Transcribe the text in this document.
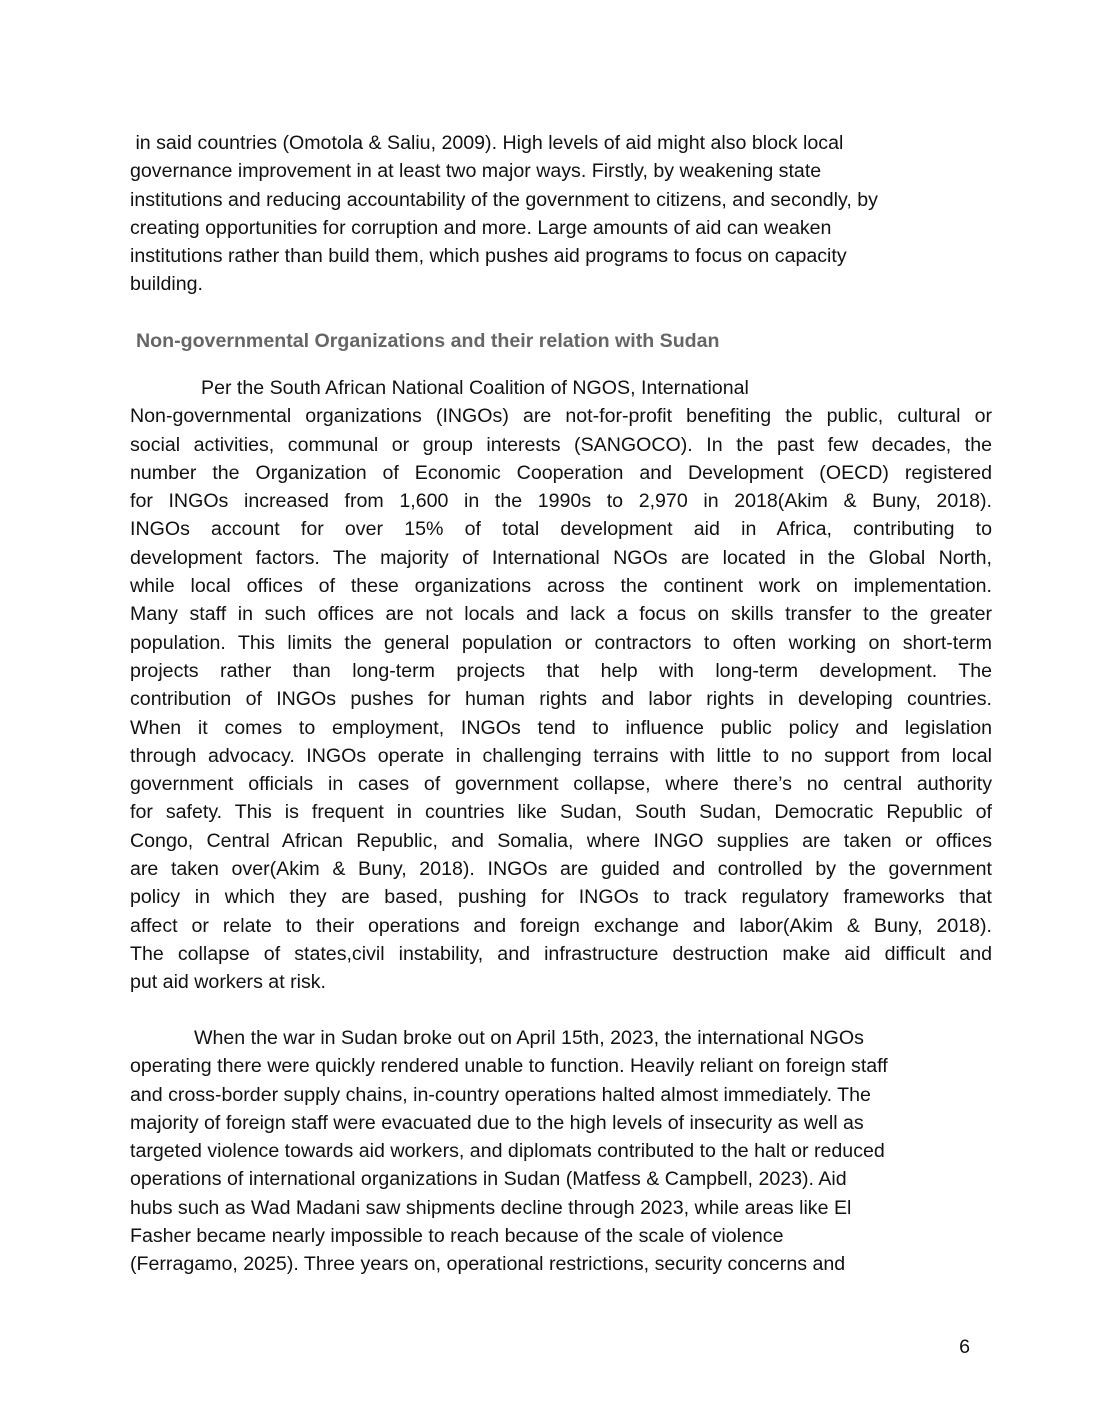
in said countries (Omotola & Saliu, 2009). High levels of aid might also block local
governance improvement in at least two major ways. Firstly, by weakening state
institutions and reducing accountability of the government to citizens, and secondly, by
creating opportunities for corruption and more. Large amounts of aid can weaken
institutions rather than build them, which pushes aid programs to focus on capacity
building.
Non-governmental Organizations and their relation with Sudan
Per the South African National Coalition of NGOS, International
Non-governmental organizations (INGOs) are not-for-profit benefiting the public, cultural or
social activities, communal or group interests (SANGOCO). In the past few decades, the
number the Organization of Economic Cooperation and Development (OECD) registered
for INGOs increased from 1,600 in the 1990s to 2,970 in 2018(Akim & Buny, 2018).
INGOs account for over 15% of total development aid in Africa, contributing to
development factors. The majority of International NGOs are located in the Global North,
while local offices of these organizations across the continent work on implementation.
Many staff in such offices are not locals and lack a focus on skills transfer to the greater
population. This limits the general population or contractors to often working on short-term
projects rather than long-term projects that help with long-term development. The
contribution of INGOs pushes for human rights and labor rights in developing countries.
When it comes to employment, INGOs tend to influence public policy and legislation
through advocacy. INGOs operate in challenging terrains with little to no support from local
government officials in cases of government collapse, where there’s no central authority
for safety. This is frequent in countries like Sudan, South Sudan, Democratic Republic of
Congo, Central African Republic, and Somalia, where INGO supplies are taken or offices
are taken over(Akim & Buny, 2018). INGOs are guided and controlled by the government
policy in which they are based, pushing for INGOs to track regulatory frameworks that
affect or relate to their operations and foreign exchange and labor(Akim & Buny, 2018).
The collapse of states,civil instability, and infrastructure destruction make aid difficult and
put aid workers at risk.
When the war in Sudan broke out on April 15th, 2023, the international NGOs
operating there were quickly rendered unable to function. Heavily reliant on foreign staff
and cross-border supply chains, in-country operations halted almost immediately. The
majority of foreign staff were evacuated due to the high levels of insecurity as well as
targeted violence towards aid workers, and diplomats contributed to the halt or reduced
operations of international organizations in Sudan (Matfess & Campbell, 2023). Aid
hubs such as Wad Madani saw shipments decline through 2023, while areas like El
Fasher became nearly impossible to reach because of the scale of violence
(Ferragamo, 2025). Three years on, operational restrictions, security concerns and
6
